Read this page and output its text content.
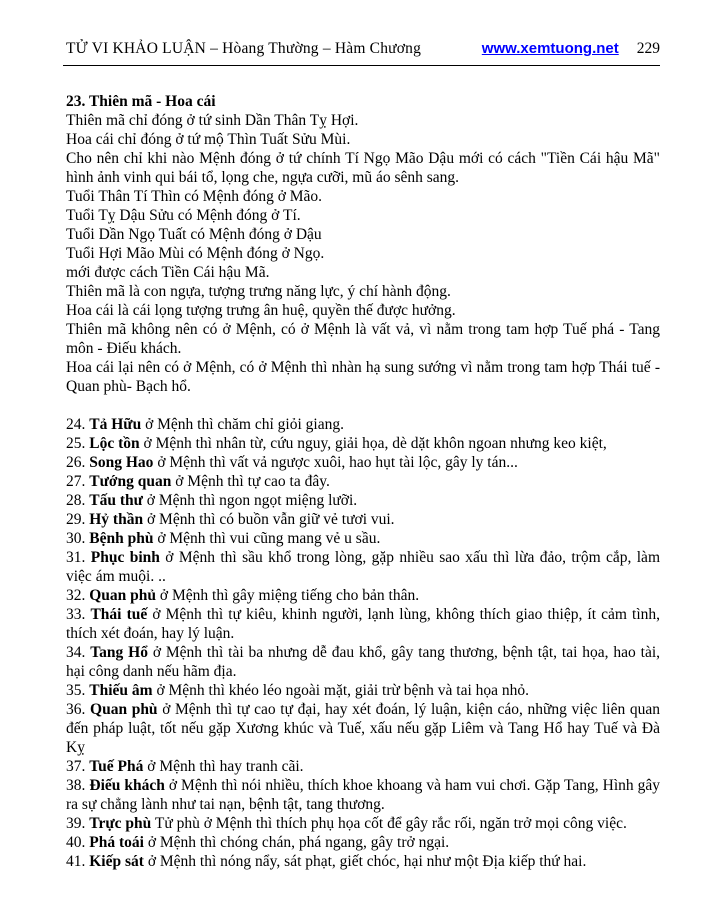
TỬ VI KHẢO LUẬN – Hòang Thường – Hàm Chương	www.xemtuong.net 229

23. Thiên mã - Hoa cái

Thiên mã chỉ đóng ở tứ sinh Dần Thân Tỵ Hợi.

Hoa cái chỉ đóng ở tứ mộ Thìn Tuất Sửu Mùi.

Cho nên chỉ khi nào Mệnh đóng ở tứ chính Tí Ngọ Mão Dậu mới có cách "Tiền Cái hậu Mã" hình ảnh vinh qui bái tổ, lọng che, ngựa cưỡi, mũ áo sênh sang.

Tuổi Thân Tí Thìn có Mệnh đóng ở Mão.

Tuổi Tỵ Dậu Sửu có Mệnh đóng ở Tí.

Tuổi Dần Ngọ Tuất có Mệnh đóng ở Dậu

Tuổi Hợi Mão Mùi có Mệnh đóng ở Ngọ.

mới được cách Tiền Cái hậu Mã.

Thiên mã là con ngựa, tượng trưng năng lực, ý chí hành động.

Hoa cái là cái lọng tượng trưng ân huệ, quyền thế được hưởng.

Thiên mã không nên có ở Mệnh, có ở Mệnh là vất vả, vì nằm trong tam hợp Tuế phá - Tang môn - Điếu khách.

Hoa cái lại nên có ở Mệnh, có ở Mệnh thì nhàn hạ sung sướng vì nằm trong tam hợp Thái tuế - Quan phù- Bạch hổ.

24. Tả Hữu ở Mệnh thì chăm chỉ giỏi giang.

25. Lộc tồn ở Mệnh thì nhân từ, cứu nguy, giải họa, dè dặt khôn ngoan nhưng keo kiệt,

26. Song Hao ở Mệnh thì vất vả ngược xuôi, hao hụt tài lộc, gây ly tán...

27. Tướng quan ở Mệnh thì tự cao ta đây.

28. Tấu thư ở Mệnh thì ngon ngọt miệng lưỡi.

29. Hỷ thần ở Mệnh thì có buồn vẫn giữ vẻ tươi vui.

30. Bệnh phù ở Mệnh thì vui cũng mang vẻ u sầu.

31. Phục binh ở Mệnh thì sầu khổ trong lòng, gặp nhiều sao xấu thì lừa đảo, trộm cắp, làm việc ám muội. ..

32. Quan phủ ở Mệnh thì gây miệng tiếng cho bản thân.

33. Thái tuế ở Mệnh thì tự kiêu, khinh người, lạnh lùng, không thích giao thiệp, ít cảm tình, thích xét đoán, hay lý luận.

34. Tang Hổ ở Mệnh thì tài ba nhưng dễ đau khổ, gây tang thương, bệnh tật, tai họa, hao tài, hại công danh nếu hãm địa.

35. Thiếu âm ở Mệnh thì khéo léo ngoài mặt, giải trừ bệnh và tai họa nhỏ.

36. Quan phù ở Mệnh thì tự cao tự đại, hay xét đoán, lý luận, kiện cáo, những việc liên quan đến pháp luật, tốt nếu gặp Xương khúc và Tuế, xấu nếu gặp Liêm và Tang Hổ hay Tuế và Đà Kỵ

37. Tuế Phá ở Mệnh thì hay tranh cãi.

38. Điếu khách ở Mệnh thì nói nhiều, thích khoe khoang và ham vui chơi. Gặp Tang, Hình gây ra sự chẳng lành như tai nạn, bệnh tật, tang thương.

39. Trực phù Tử phù ở Mệnh thì thích phụ họa cốt để gây rắc rối, ngăn trở mọi công việc.

40. Phá toái ở Mệnh thì chóng chán, phá ngang, gây trở ngại.

41. Kiếp sát ở Mệnh thì nóng nẩy, sát phạt, giết chóc, hại như một Địa kiếp thứ hai.
